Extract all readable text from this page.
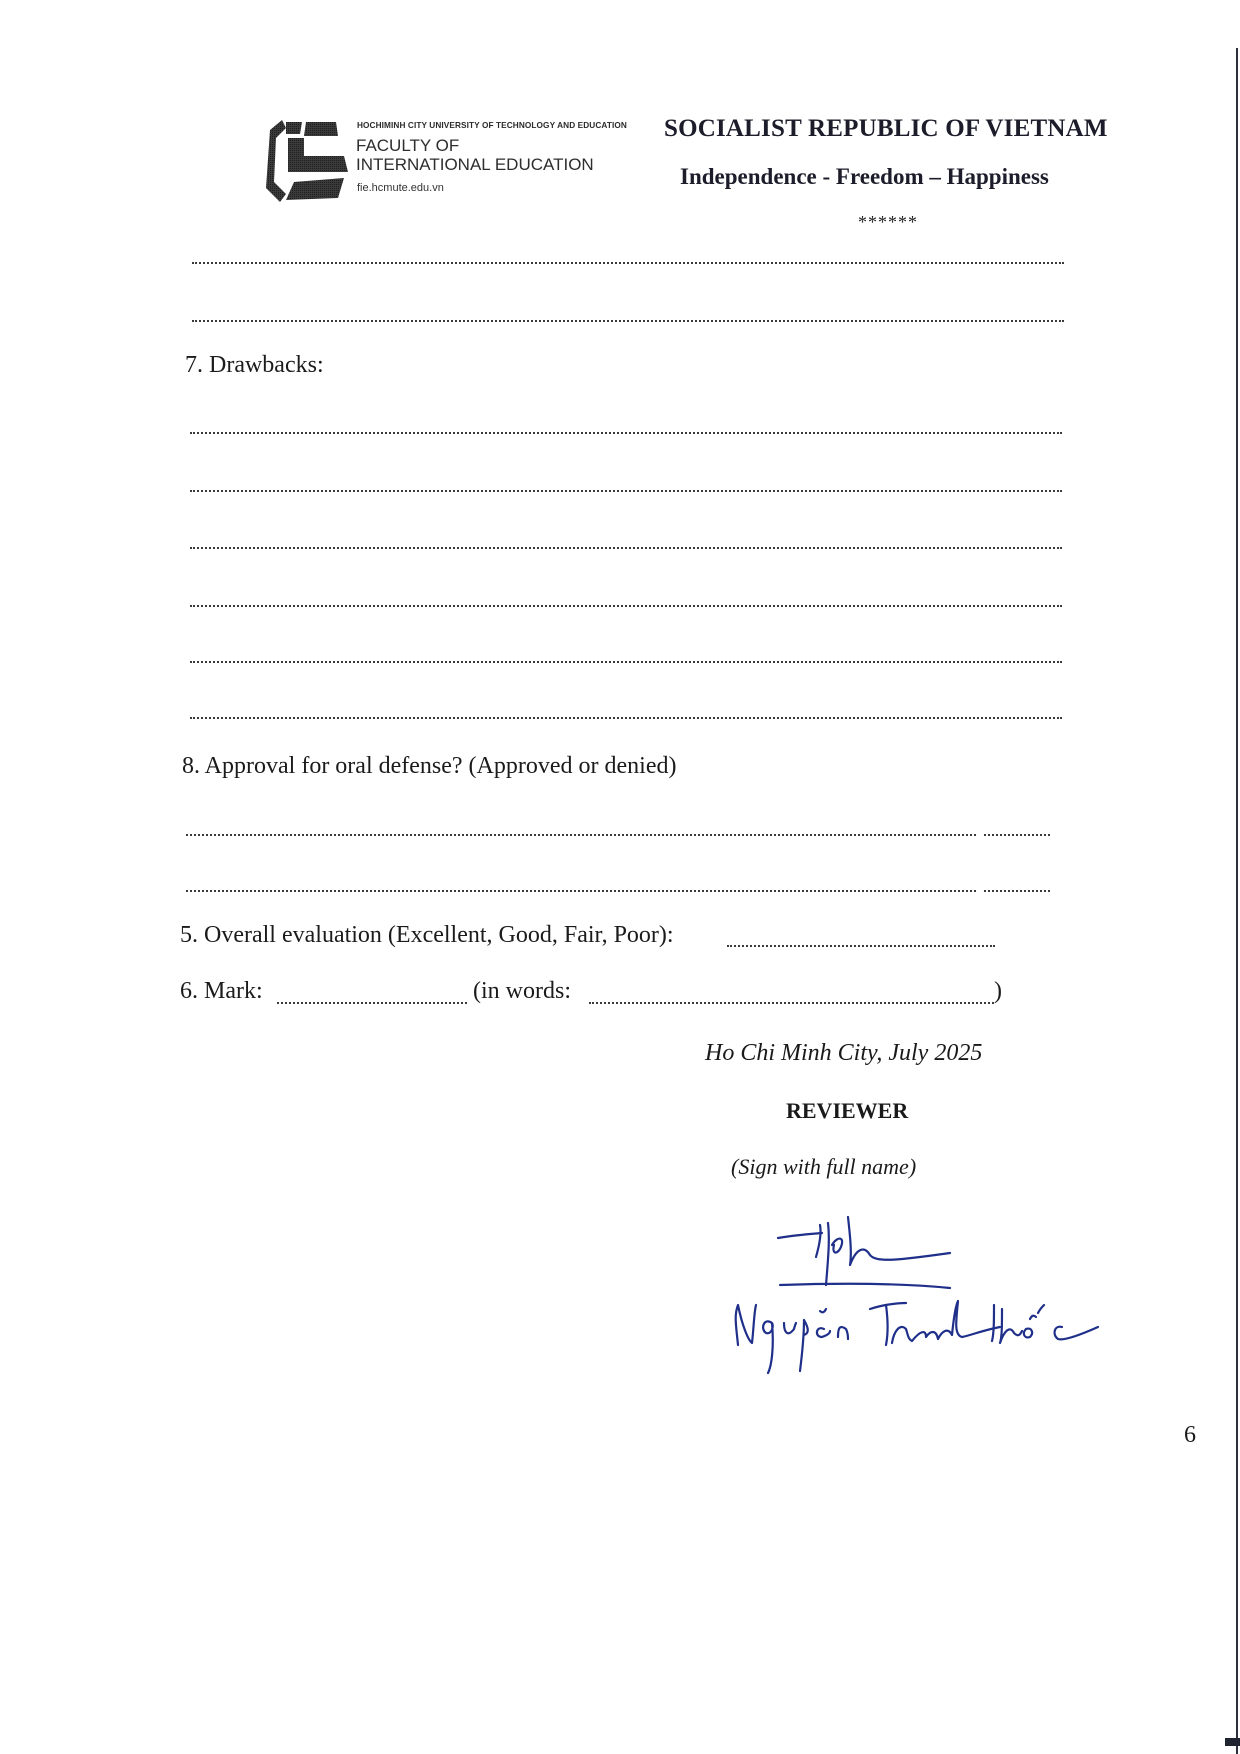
HOCHIMINH CITY UNIVERSITY OF TECHNOLOGY AND EDUCATION
FACULTY OF
INTERNATIONAL EDUCATION
fie.hcmute.edu.vn
SOCIALIST REPUBLIC OF VIETNAM
Independence - Freedom – Happiness
******
7. Drawbacks:
8. Approval for oral defense? (Approved or denied)
5. Overall evaluation (Excellent, Good, Fair, Poor):
6. Mark:	(in words:	)
Ho Chi Minh City, July 2025
REVIEWER
(Sign with full name)
6
